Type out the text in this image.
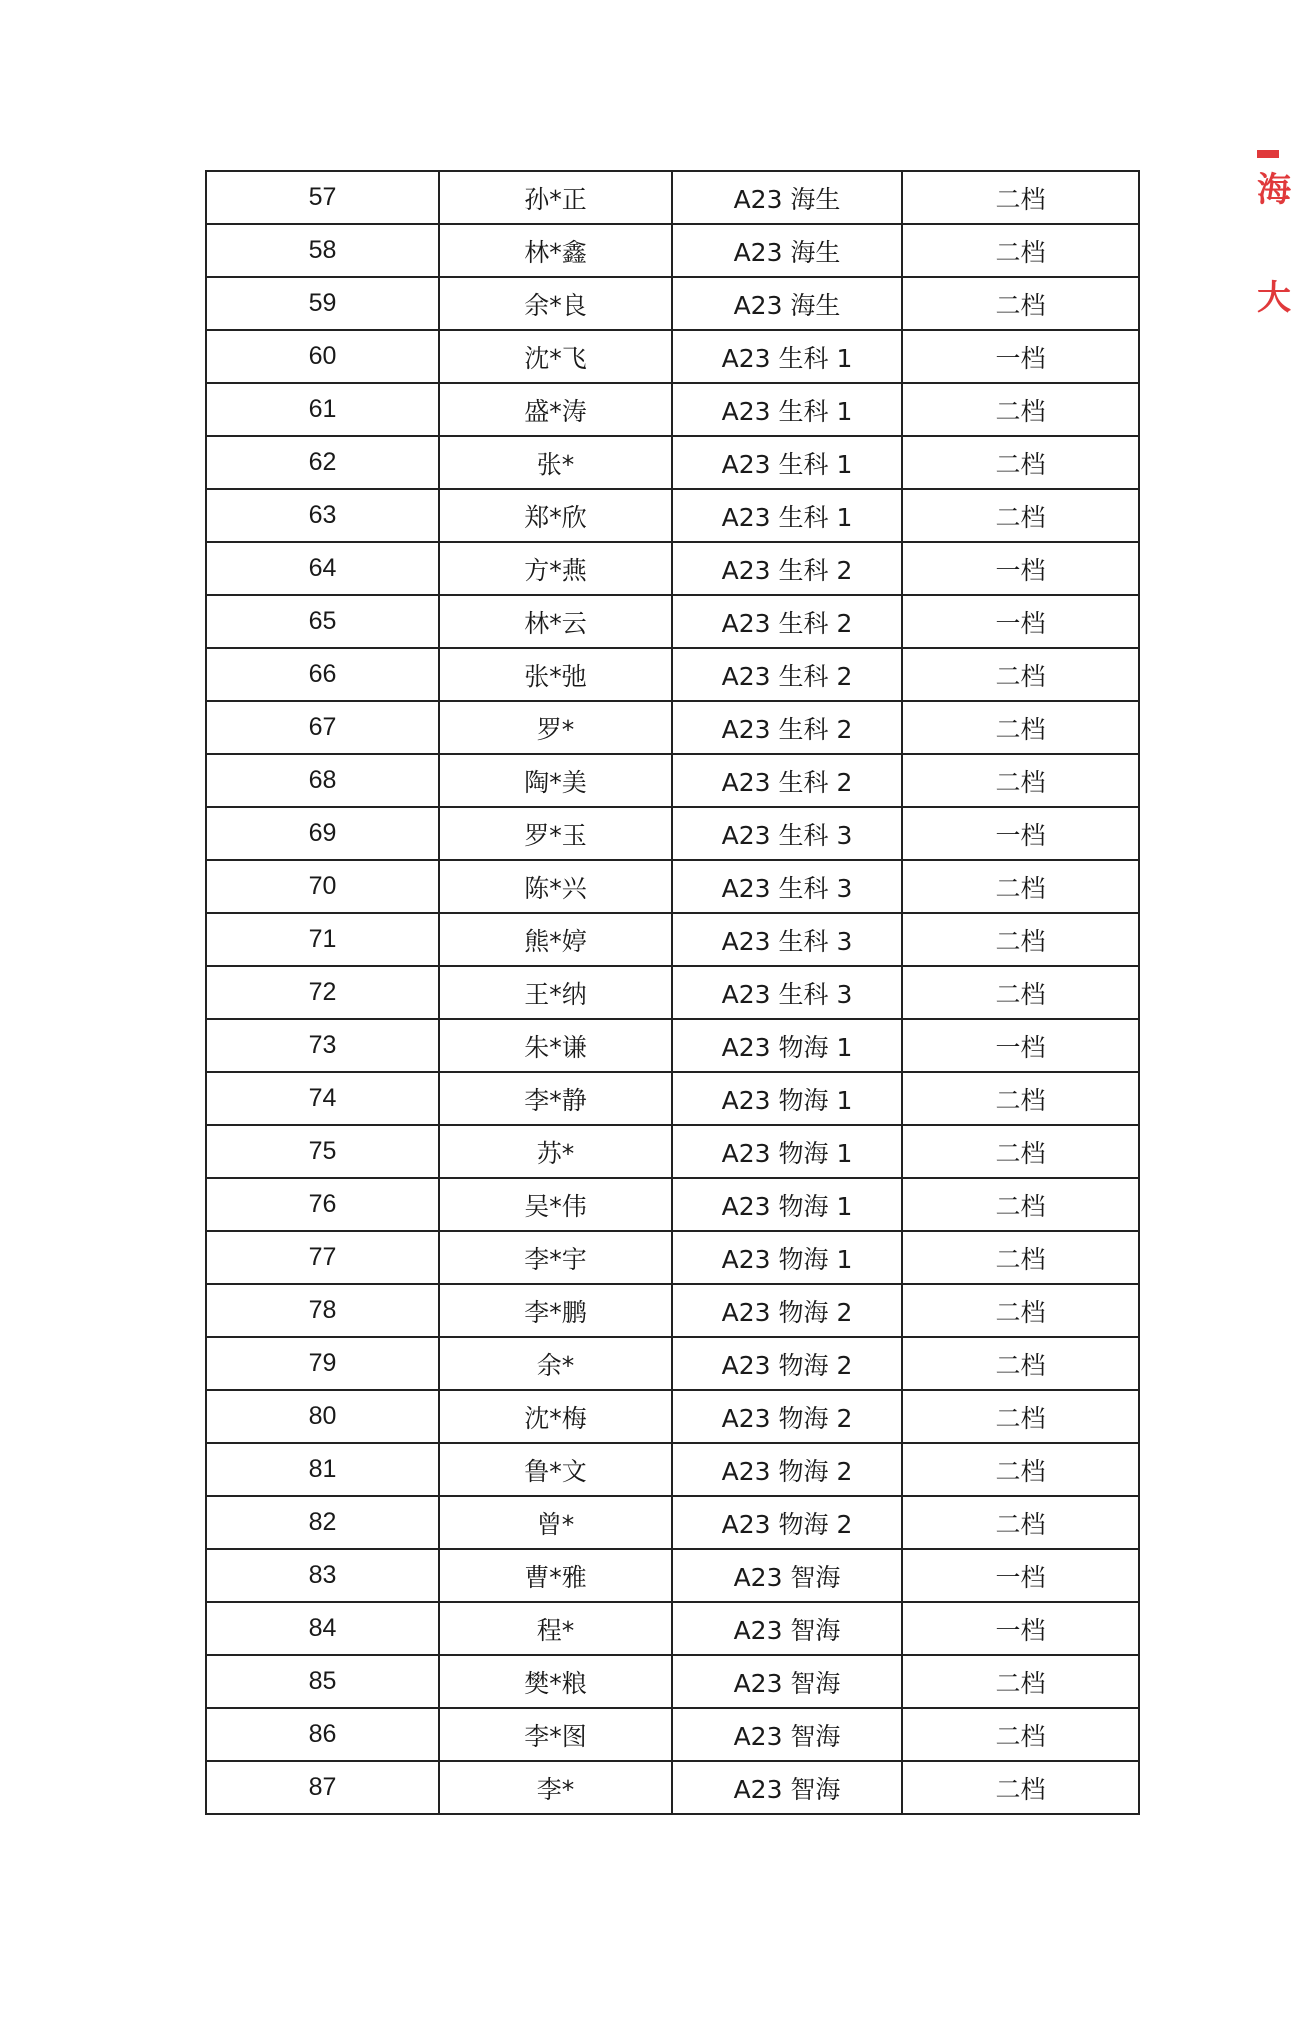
57	孙*正	A23 海生	二档
58	林*鑫	A23 海生	二档
59	余*良	A23 海生	二档
60	沈*飞	A23 生科 1	一档
61	盛*涛	A23 生科 1	二档
62	张*	A23 生科 1	二档
63	郑*欣	A23 生科 1	二档
64	方*燕	A23 生科 2	一档
65	林*云	A23 生科 2	一档
66	张*弛	A23 生科 2	二档
67	罗*	A23 生科 2	二档
68	陶*美	A23 生科 2	二档
69	罗*玉	A23 生科 3	一档
70	陈*兴	A23 生科 3	二档
71	熊*婷	A23 生科 3	二档
72	王*纳	A23 生科 3	二档
73	朱*谦	A23 物海 1	一档
74	李*静	A23 物海 1	二档
75	苏*	A23 物海 1	二档
76	吴*伟	A23 物海 1	二档
77	李*宇	A23 物海 1	二档
78	李*鹏	A23 物海 2	二档
79	余*	A23 物海 2	二档
80	沈*梅	A23 物海 2	二档
81	鲁*文	A23 物海 2	二档
82	曾*	A23 物海 2	二档
83	曹*雅	A23 智海	一档
84	程*	A23 智海	一档
85	樊*粮	A23 智海	二档
86	李*图	A23 智海	二档
87	李*	A23 智海	二档
海
大
